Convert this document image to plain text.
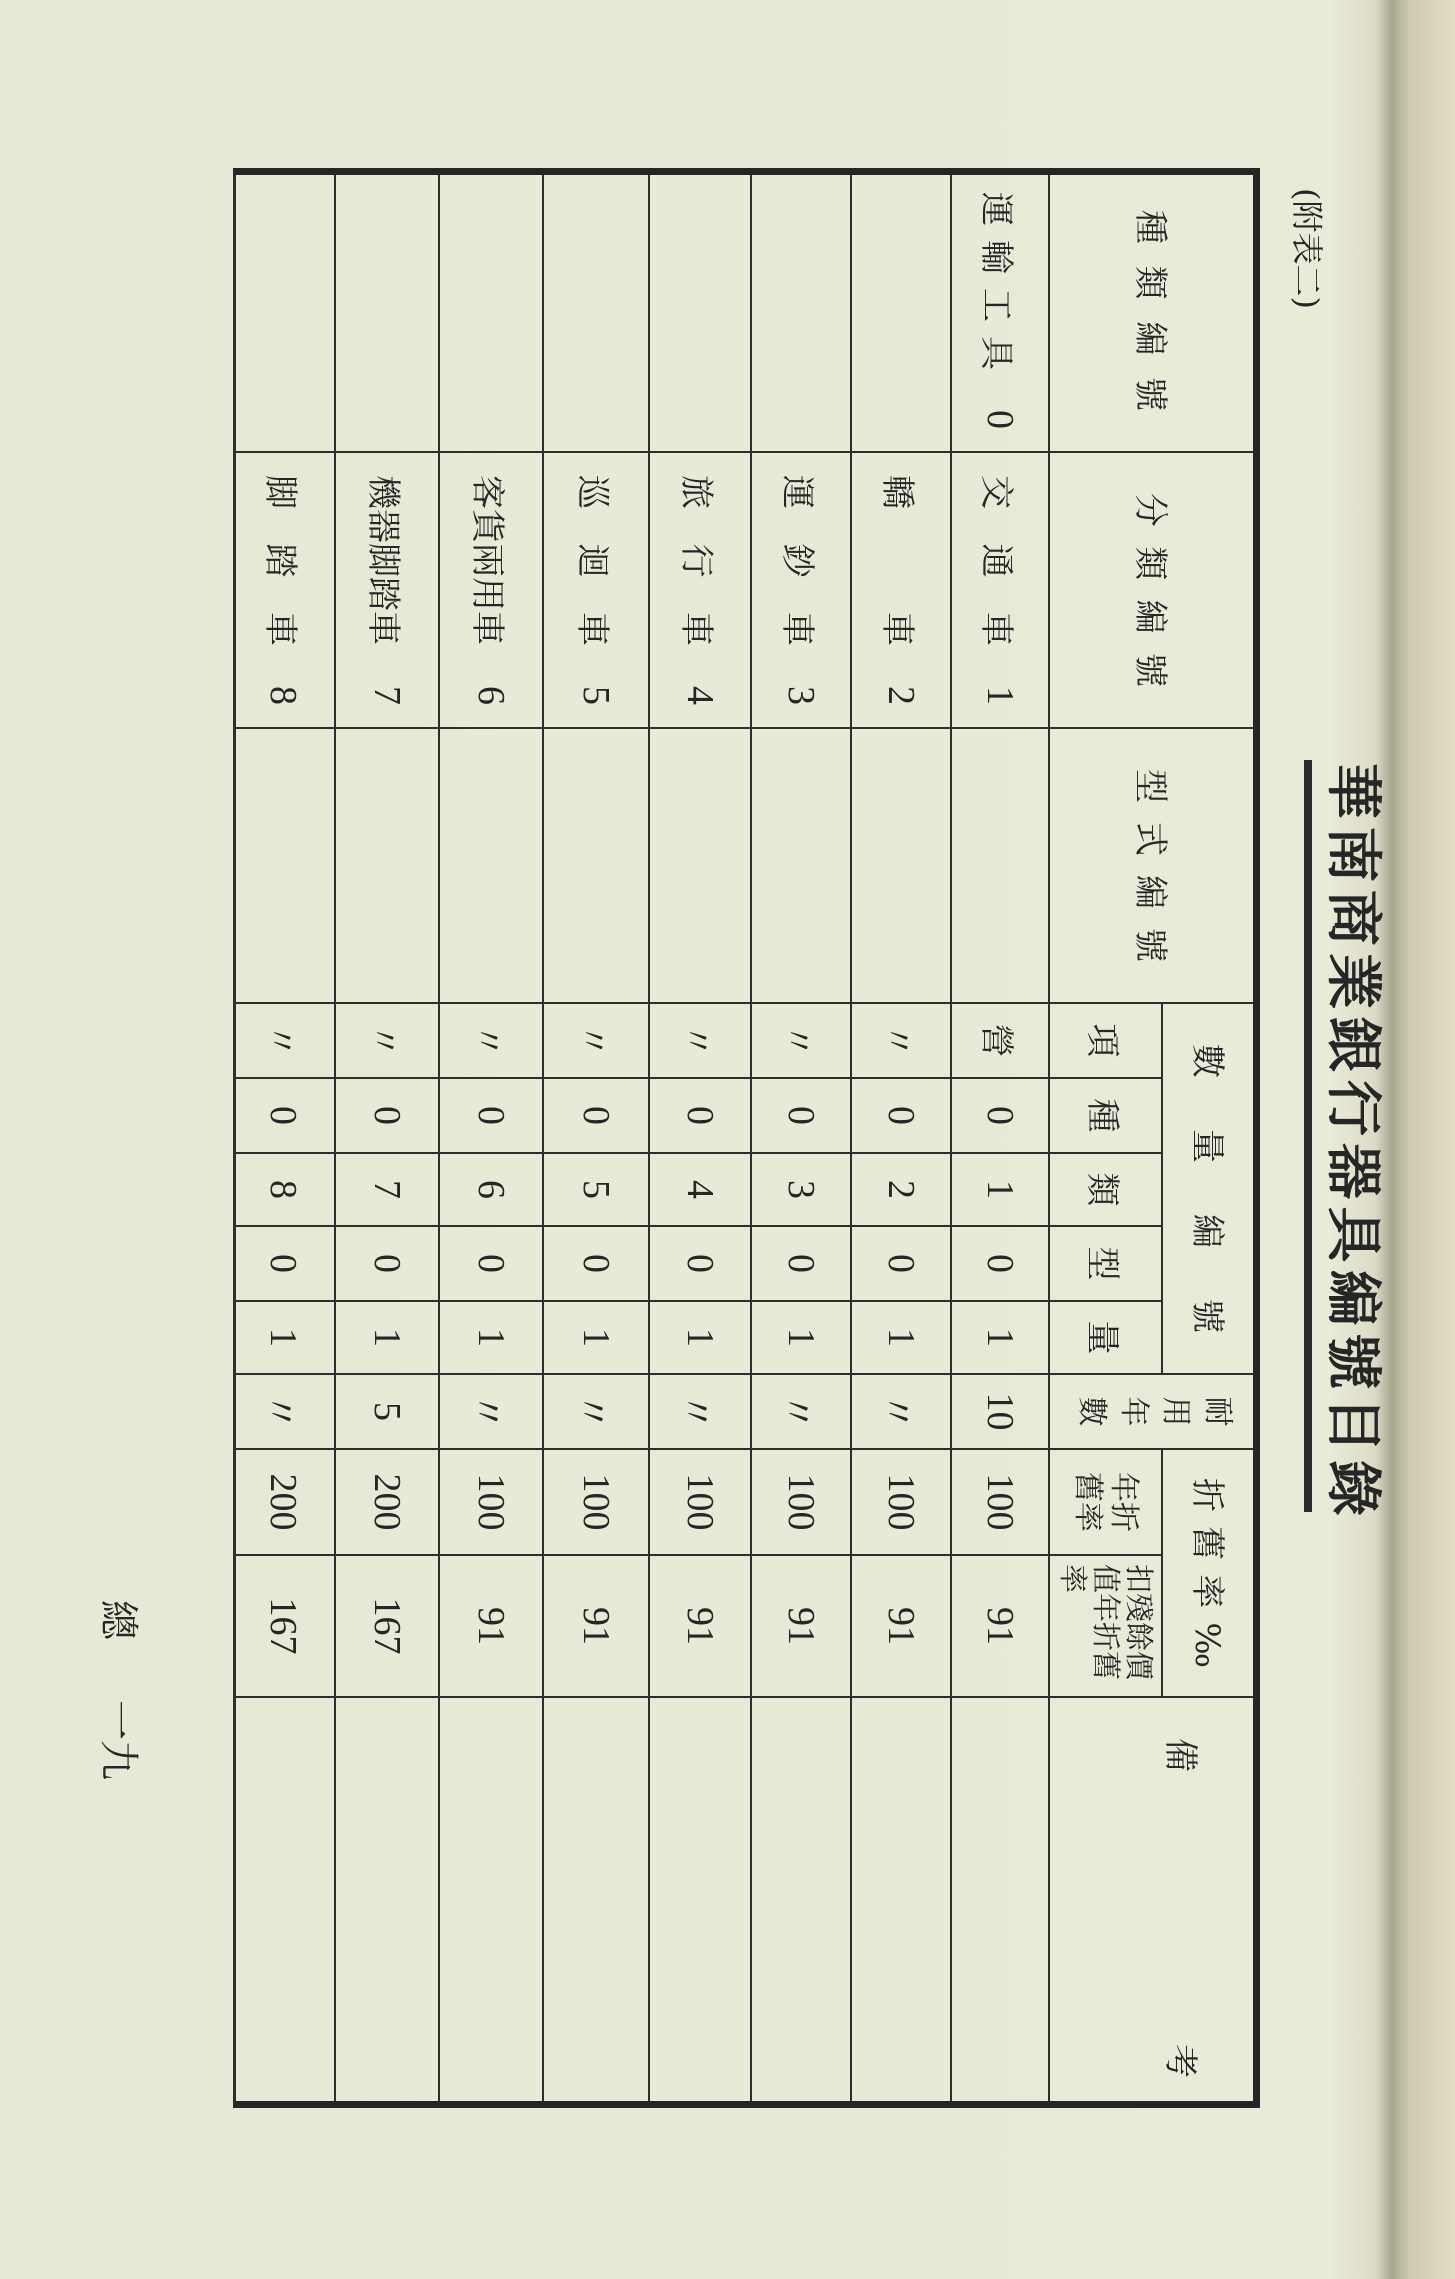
(附表二)
華南商業銀行器具編號目錄
種類編號
分類編號
型式編號
數量編號
項
種
類
型
量
耐
用
年
數
折舊率‰
年折舊率
扣殘餘價值年折舊率
備
考
運輸工具
0
交通車
1
營
0
1
0
1
10
100
91
轎車
2
〃
0
2
0
1
〃
100
91
運鈔車
3
〃
0
3
0
1
〃
100
91
旅行車
4
〃
0
4
0
1
〃
100
91
巡迴車
5
〃
0
5
0
1
〃
100
91
客貨兩用車
6
〃
0
6
0
1
〃
100
91
機器脚踏車
7
〃
0
7
0
1
5
200
167
脚踏車
8
〃
0
8
0
1
〃
200
167
總
一九
